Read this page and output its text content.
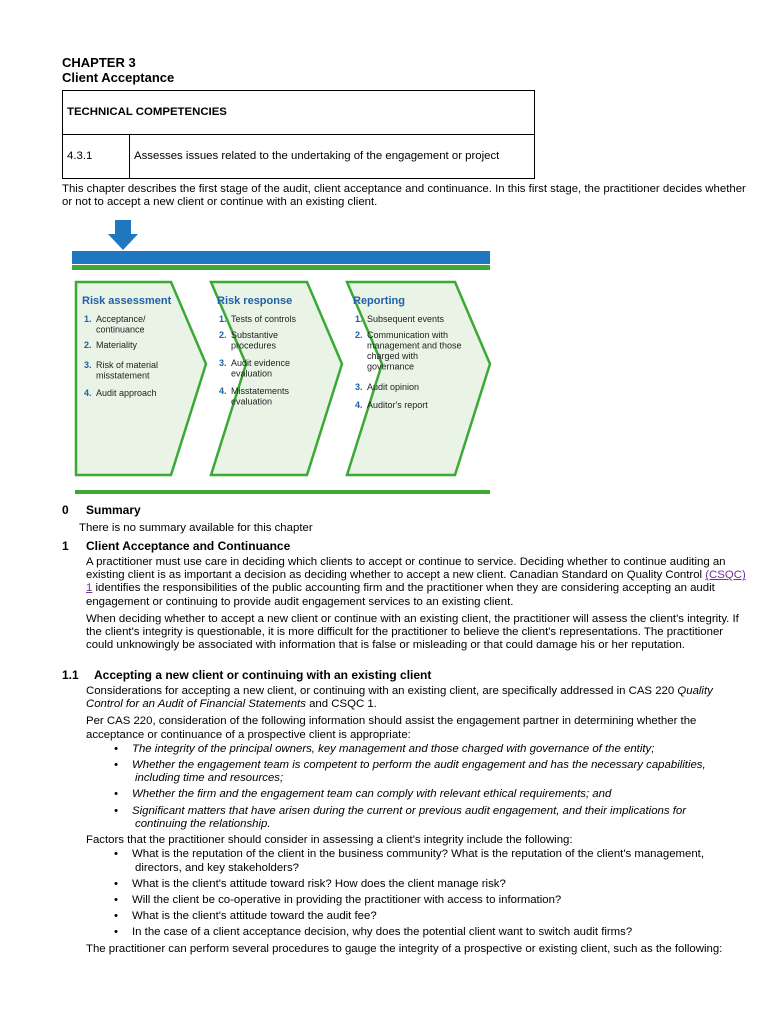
CHAPTER 3
Client Acceptance
TECHNICAL COMPETENCIES
4.3.1	Assesses issues related to the undertaking of the engagement or project
This chapter describes the first stage of the audit, client acceptance and continuance. In this first stage, the practitioner decides whether or not to accept a new client or continue with an existing client.
Risk assessment
1. Acceptance/
continuance
2. Materiality
3. Risk of material
misstatement
4. Audit approach
Risk response
1. Tests of controls
2. Substantive
procedures
3. Audit evidence
evaluation
4. Misstatements
evaluation
Reporting
1. Subsequent events
2. Communication with
management and those
charged with
governance
3. Audit opinion
4. Auditor's report
0 Summary
There is no summary available for this chapter
1 Client Acceptance and Continuance
A practitioner must use care in deciding which clients to accept or continue to service. Deciding whether to continue auditing an existing client is as important a decision as deciding whether to accept a new client. Canadian Standard on Quality Control (CSQC) 1 identifies the responsibilities of the public accounting firm and the practitioner when they are considering accepting an audit engagement or continuing to provide audit engagement services to an existing client.
When deciding whether to accept a new client or continue with an existing client, the practitioner will assess the client's integrity. If the client's integrity is questionable, it is more difficult for the practitioner to believe the client's representations. The practitioner could unknowingly be associated with information that is false or misleading or that could damage his or her reputation.
1.1 Accepting a new client or continuing with an existing client
Considerations for accepting a new client, or continuing with an existing client, are specifically addressed in CAS 220 Quality Control for an Audit of Financial Statements and CSQC 1.
Per CAS 220, consideration of the following information should assist the engagement partner in determining whether the acceptance or continuance of a prospective client is appropriate:
• The integrity of the principal owners, key management and those charged with governance of the entity;
• Whether the engagement team is competent to perform the audit engagement and has the necessary capabilities,
including time and resources;
• Whether the firm and the engagement team can comply with relevant ethical requirements; and
• Significant matters that have arisen during the current or previous audit engagement, and their implications for
continuing the relationship.
Factors that the practitioner should consider in assessing a client's integrity include the following:
• What is the reputation of the client in the business community? What is the reputation of the client's management,
directors, and key stakeholders?
• What is the client's attitude toward risk? How does the client manage risk?
• Will the client be co-operative in providing the practitioner with access to information?
• What is the client's attitude toward the audit fee?
• In the case of a client acceptance decision, why does the potential client want to switch audit firms?
The practitioner can perform several procedures to gauge the integrity of a prospective or existing client, such as the following:
